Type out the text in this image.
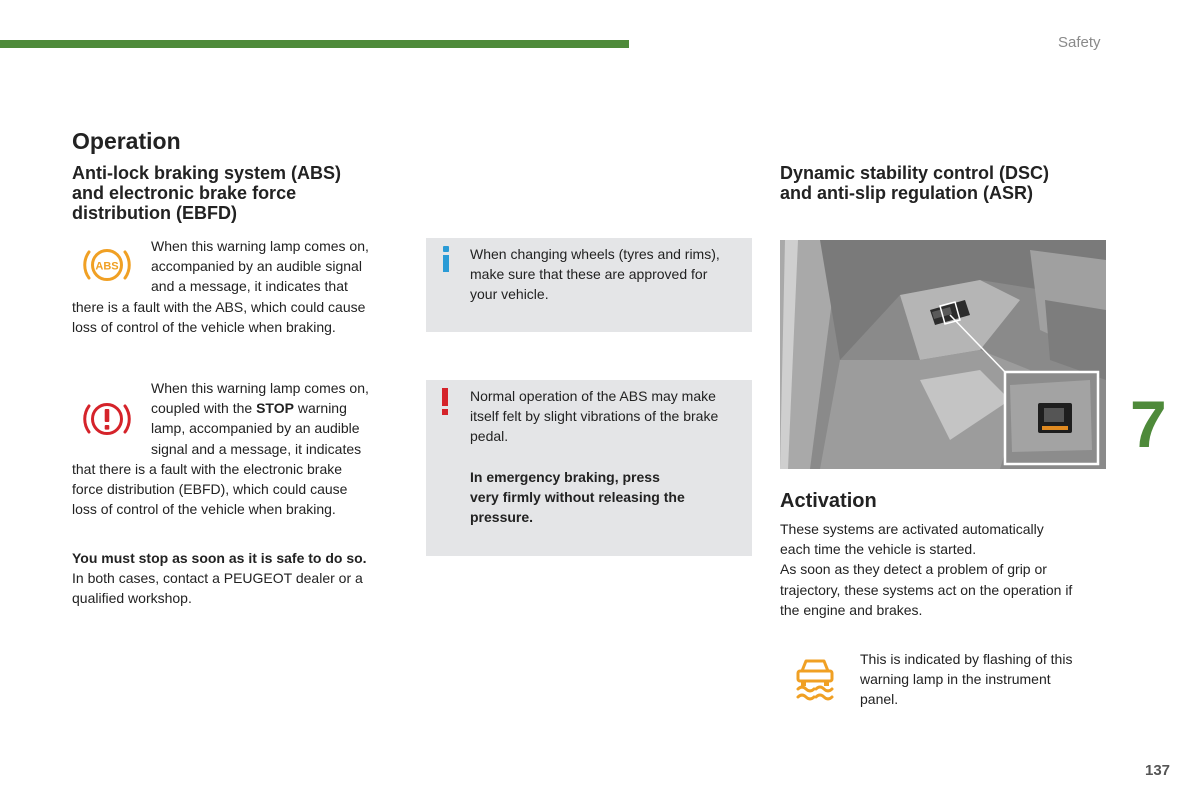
Safety
Operation
Anti-lock braking system (ABS)
and electronic brake force
distribution (EBFD)
ABS
When this warning lamp comes on,
accompanied by an audible signal
and a message, it indicates that
there is a fault with the ABS, which could cause
loss of control of the vehicle when braking.
When this warning lamp comes on,
coupled with the STOP warning
lamp, accompanied by an audible
signal and a message, it indicates
that there is a fault with the electronic brake
force distribution (EBFD), which could cause
loss of control of the vehicle when braking.
You must stop as soon as it is safe to do so.
In both cases, contact a PEUGEOT dealer or a
qualified workshop.
When changing wheels (tyres and rims),
make sure that these are approved for
your vehicle.
Normal operation of the ABS may make
itself felt by slight vibrations of the brake
pedal.
In emergency braking, press
very firmly without releasing the
pressure.
Dynamic stability control (DSC)
and anti-slip regulation (ASR)
Activation
These systems are activated automatically
each time the vehicle is started.
As soon as they detect a problem of grip or
trajectory, these systems act on the operation if
the engine and brakes.
This is indicated by flashing of this
warning lamp in the instrument
panel.
7
137
